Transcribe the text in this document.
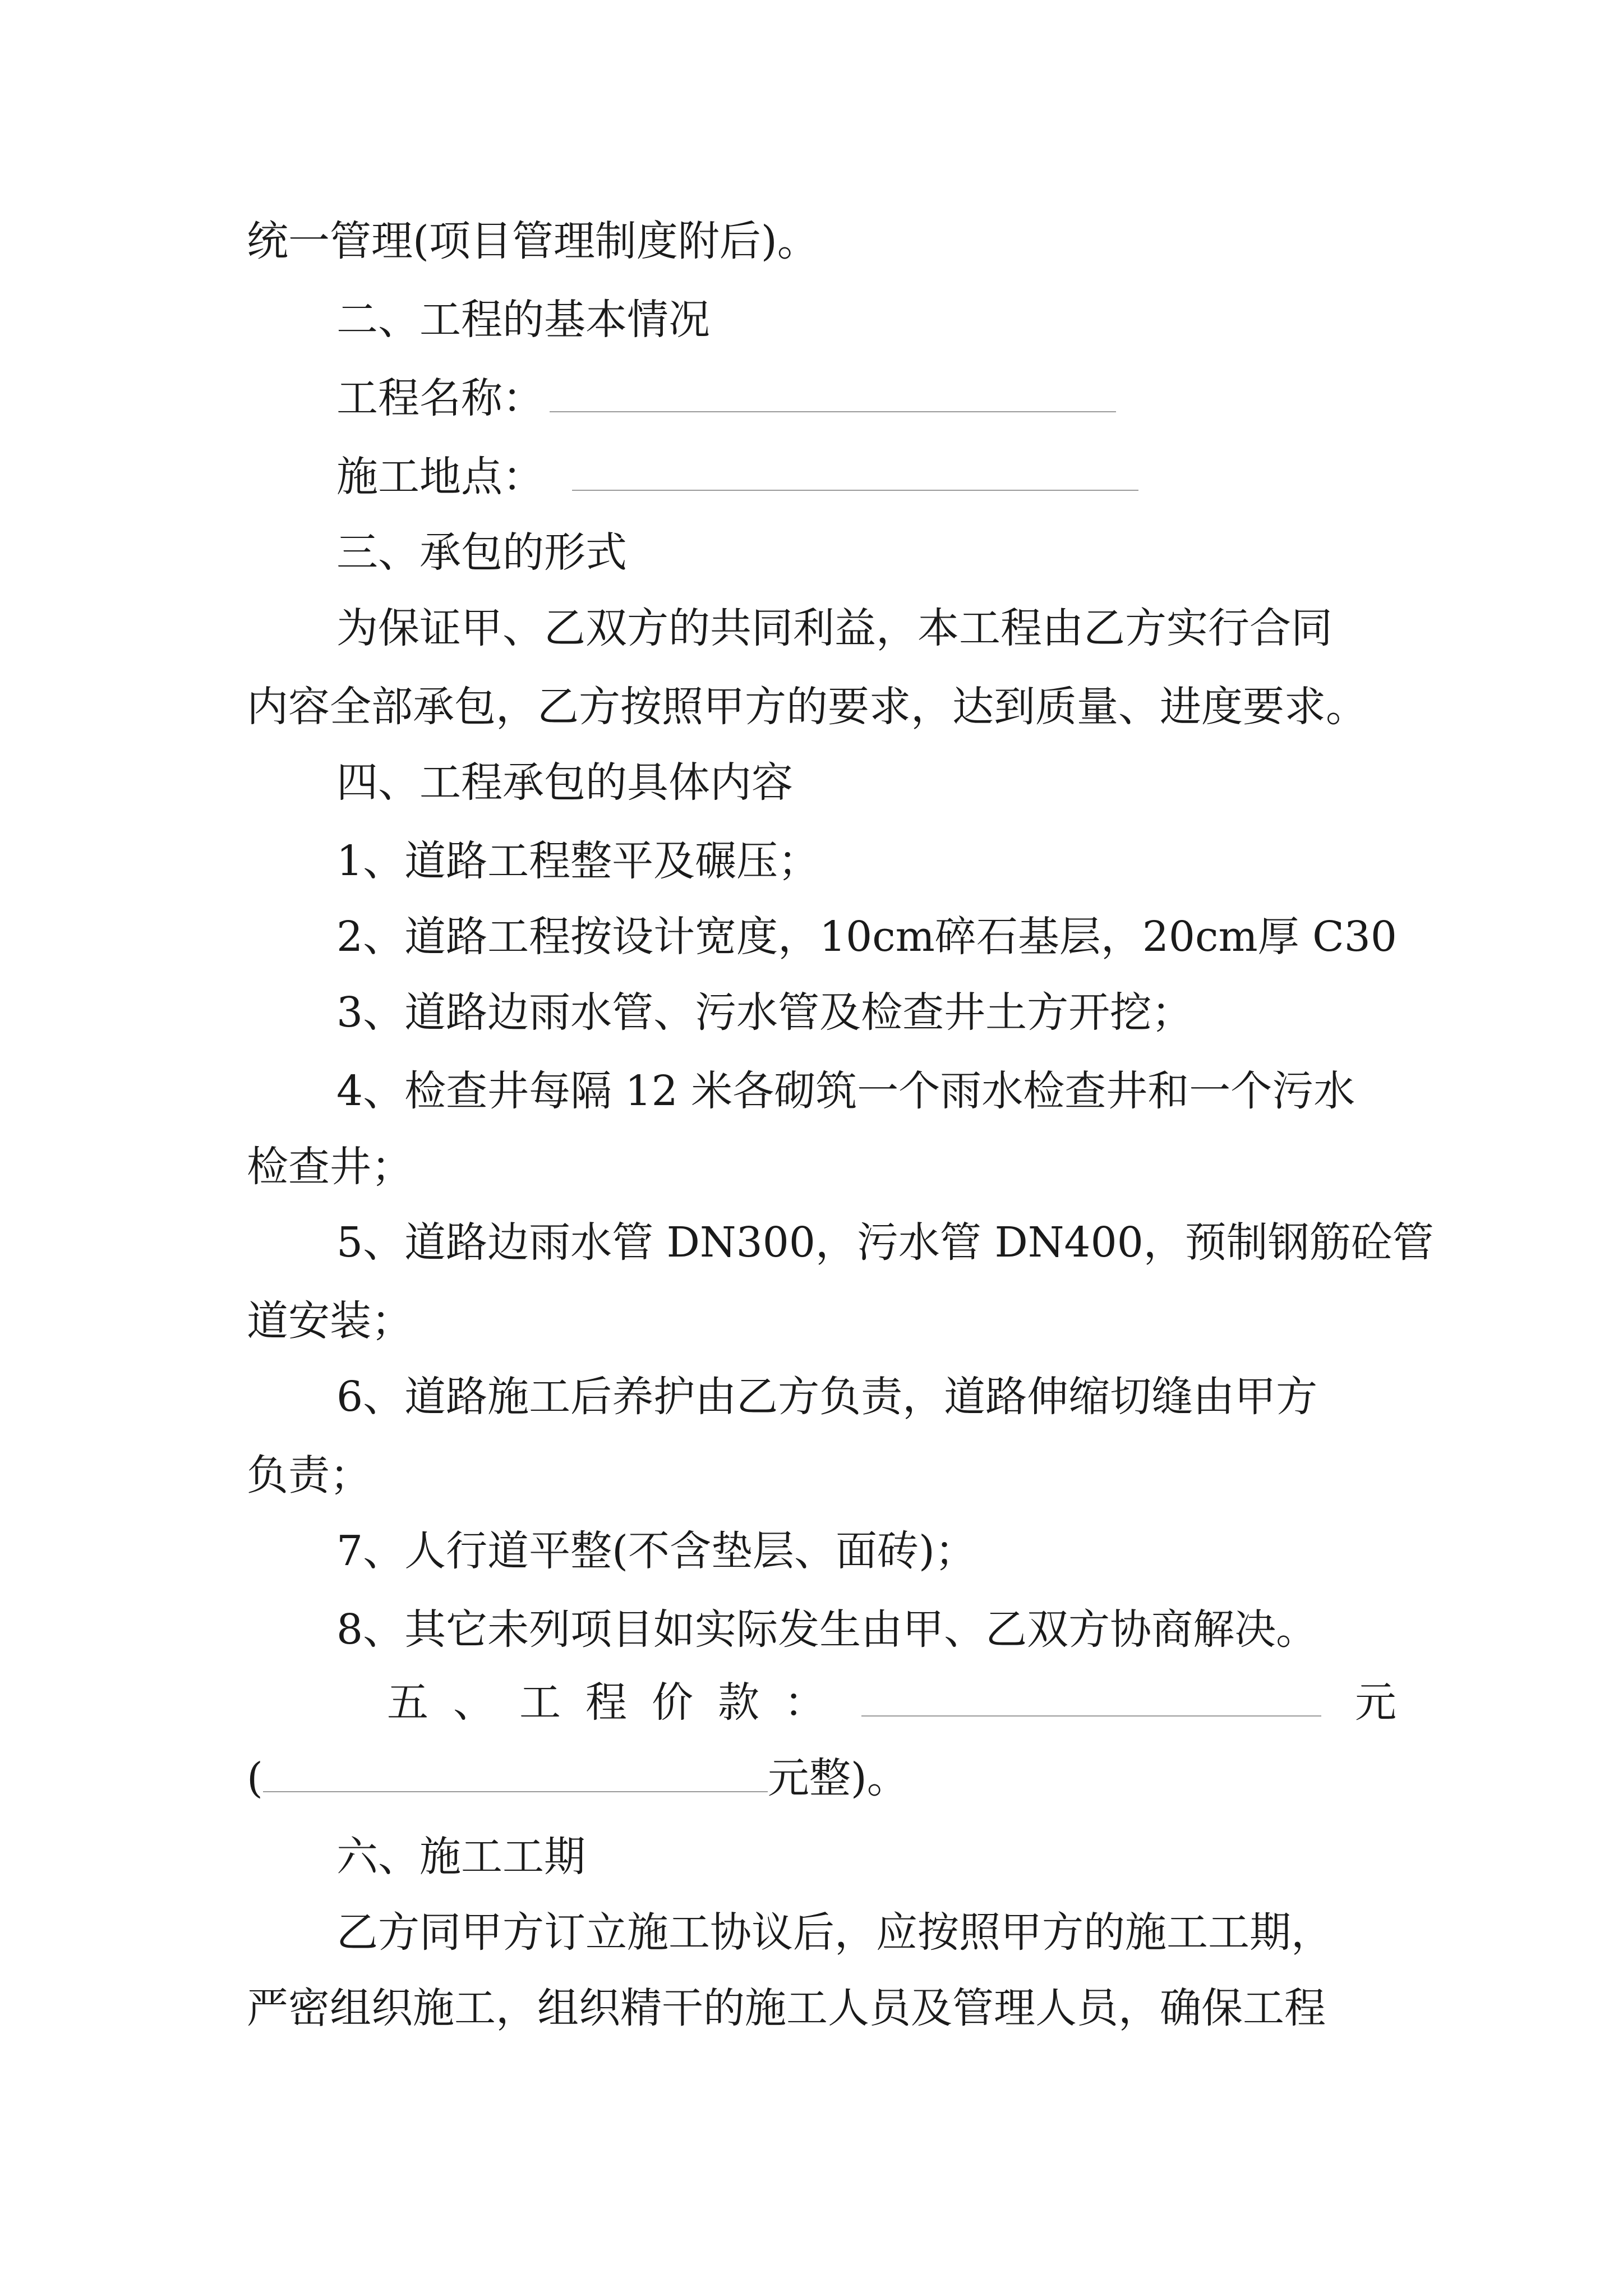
统一管理(项目管理制度附后)。
二、工程的基本情况
工程名称：
施工地点：
三、承包的形式
为保证甲、乙双方的共同利益，本工程由乙方实行合同
内容全部承包，乙方按照甲方的要求，达到质量、进度要求。
四、工程承包的具体内容
1、道路工程整平及碾压；
2、道路工程按设计宽度，10cm碎石基层，20cm厚 C30
3、道路边雨水管、污水管及检查井土方开挖；
4、检查井每隔 12 米各砌筑一个雨水检查井和一个污水
检查井；
5、道路边雨水管 DN300，污水管 DN400，预制钢筋砼管
道安装；
6、道路施工后养护由乙方负责，道路伸缩切缝由甲方
负责；
7、人行道平整(不含垫层、面砖)；
8、其它未列项目如实际发生由甲、乙双方协商解决。
五、工程价款：	元
(	元整)。
六、施工工期
乙方同甲方订立施工协议后，应按照甲方的施工工期，
严密组织施工，组织精干的施工人员及管理人员，确保工程
